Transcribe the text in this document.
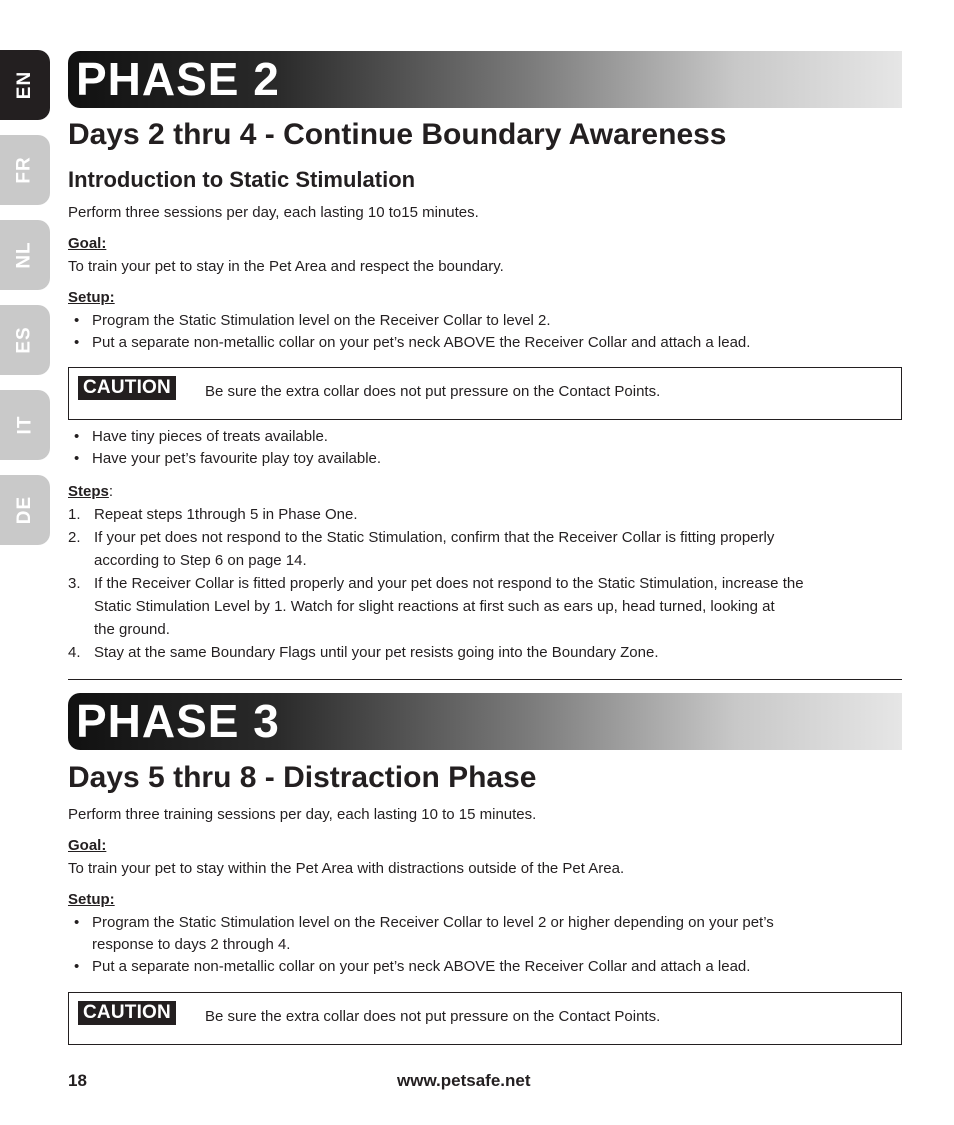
EN
FR
NL
ES
IT
DE
PHASE 2
Days 2 thru 4 - Continue Boundary Awareness
Introduction to Static Stimulation
Perform three sessions per day, each lasting 10 to15 minutes.
Goal:
To train your pet to stay in the Pet Area and respect the boundary.
Setup:
• Program the Static Stimulation level on the Receiver Collar to level 2.
• Put a separate non-metallic collar on your pet’s neck ABOVE the Receiver Collar and attach a lead.
CAUTION	Be sure the extra collar does not put pressure on the Contact Points.
• Have tiny pieces of treats available.
• Have your pet’s favourite play toy available.
Steps:
1. Repeat steps 1through 5 in Phase One.
2. If your pet does not respond to the Static Stimulation, confirm that the Receiver Collar is fitting properly
according to Step 6 on page 14.
3. If the Receiver Collar is fitted properly and your pet does not respond to the Static Stimulation, increase the
Static Stimulation Level by 1. Watch for slight reactions at first such as ears up, head turned, looking at
the ground.
4. Stay at the same Boundary Flags until your pet resists going into the Boundary Zone.
PHASE 3
Days 5 thru 8 - Distraction Phase
Perform three training sessions per day, each lasting 10 to 15 minutes.
Goal:
To train your pet to stay within the Pet Area with distractions outside of the Pet Area.
Setup:
• Program the Static Stimulation level on the Receiver Collar to level 2 or higher depending on your pet’s
response to days 2 through 4.
• Put a separate non-metallic collar on your pet’s neck ABOVE the Receiver Collar and attach a lead.
CAUTION	Be sure the extra collar does not put pressure on the Contact Points.
18	www.petsafe.net
